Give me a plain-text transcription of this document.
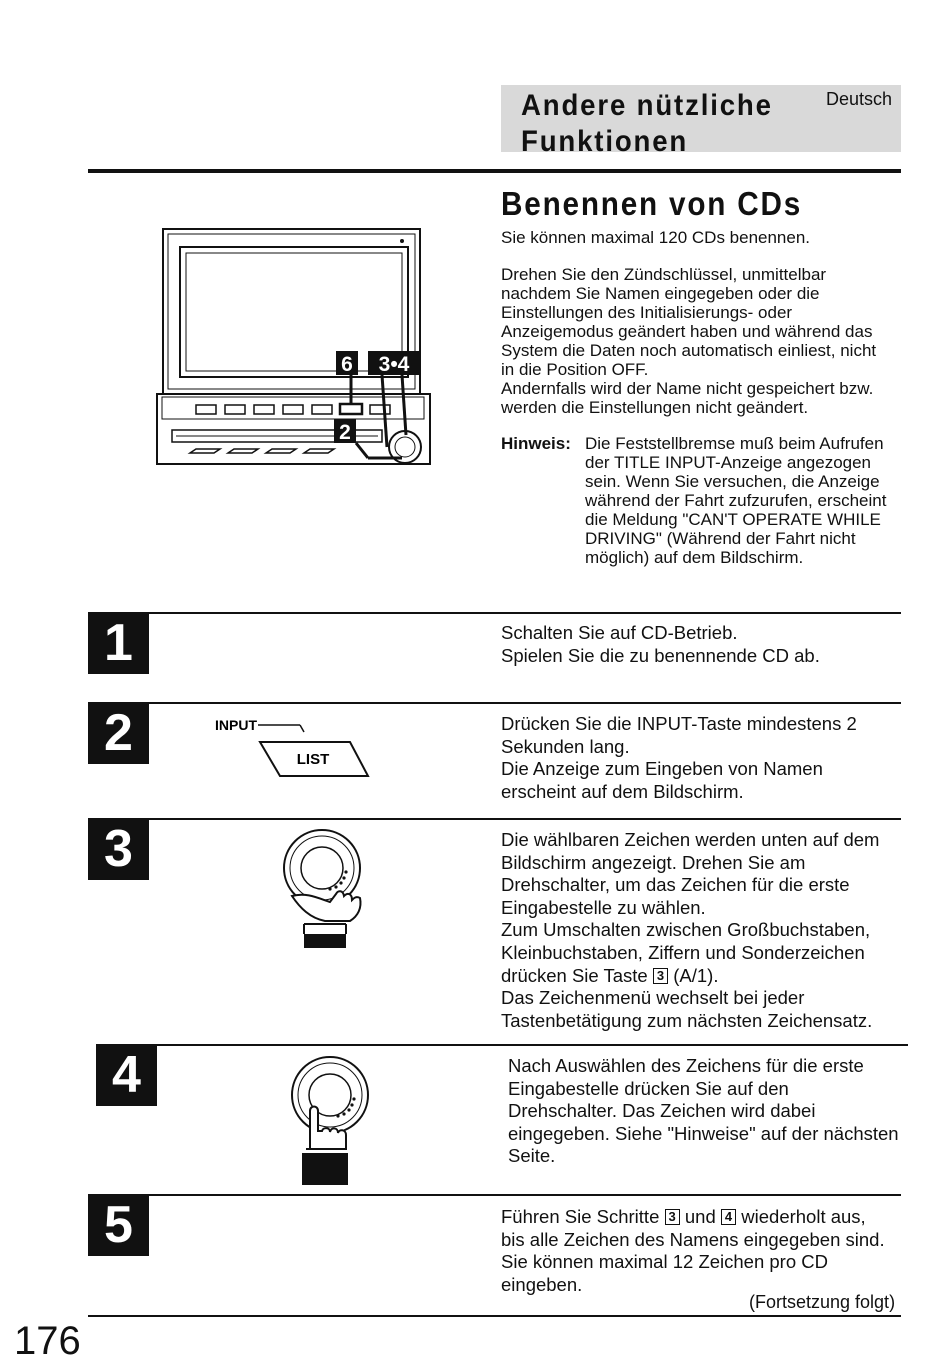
Andere nützliche
Funktionen
Deutsch
Benennen von CDs
Sie können maximal 120 CDs benennen.
Drehen Sie den Zündschlüssel, unmittelbar
nachdem Sie Namen eingegeben oder die
Einstellungen des Initialisierungs- oder
Anzeigemodus geändert haben und während das
System die Daten noch automatisch einliest, nicht
in die Position OFF.
Andernfalls wird der Name nicht gespeichert bzw.
werden die Einstellungen nicht geändert.
Hinweis: Die Feststellbremse muß beim Aufrufen
der TITLE INPUT-Anzeige angezogen
sein. Wenn Sie versuchen, die Anzeige
während der Fahrt zufzurufen, erscheint
die Meldung "CAN'T OPERATE WHILE
DRIVING" (Während der Fahrt nicht
möglich) auf dem Bildschirm.
6 3•4
2
1	Schalten Sie auf CD-Betrieb.
Spielen Sie die zu benennende CD ab.
2	INPUT
LIST
Drücken Sie die INPUT-Taste mindestens 2
Sekunden lang.
Die Anzeige zum Eingeben von Namen
erscheint auf dem Bildschirm.
3	Die wählbaren Zeichen werden unten auf dem
Bildschirm angezeigt. Drehen Sie am
Drehschalter, um das Zeichen für die erste
Eingabestelle zu wählen.
Zum Umschalten zwischen Großbuchstaben,
Kleinbuchstaben, Ziffern und Sonderzeichen
drücken Sie Taste 3 (A/1).
Das Zeichenmenü wechselt bei jeder
Tastenbetätigung zum nächsten Zeichensatz.
4	Nach Auswählen des Zeichens für die erste
Eingabestelle drücken Sie auf den
Drehschalter. Das Zeichen wird dabei
eingegeben. Siehe "Hinweise" auf der nächsten
Seite.
5	Führen Sie Schritte 3 und 4 wiederholt aus,
bis alle Zeichen des Namens eingegeben sind.
Sie können maximal 12 Zeichen pro CD
eingeben.
(Fortsetzung folgt)
176
